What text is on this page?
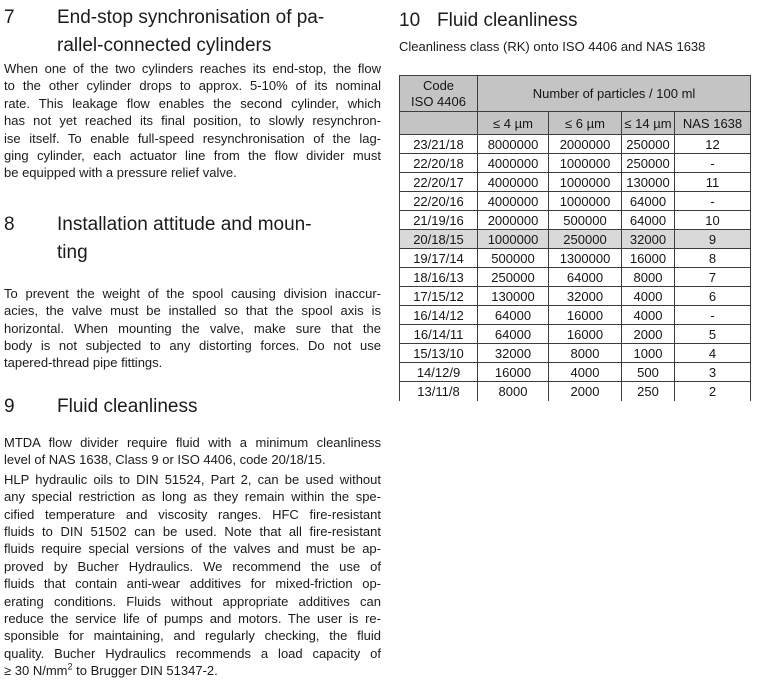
7	End-stop synchronisation of pa-
rallel-connected cylinders
When one of the two cylinders reaches its end-stop, the flow
to the other cylinder drops to approx. 5-10% of its nominal
rate. This leakage flow enables the second cylinder, which
has not yet reached its final position, to slowly resynchron-
ise itself. To enable full-speed resynchronisation of the lag-
ging cylinder, each actuator line from the flow divider must
be equipped with a pressure relief valve.
8	Installation attitude and moun-
ting
To prevent the weight of the spool causing division inaccur-
acies, the valve must be installed so that the spool axis is
horizontal. When mounting the valve, make sure that the
body is not subjected to any distorting forces. Do not use
tapered-thread pipe fittings.
9	Fluid cleanliness
MTDA flow divider require fluid with a minimum cleanliness
level of NAS 1638, Class 9 or ISO 4406, code 20/18/15.
HLP hydraulic oils to DIN 51524, Part 2, can be used without
any special restriction as long as they remain within the spe-
cified temperature and viscosity ranges. HFC fire-resistant
fluids to DIN 51502 can be used. Note that all fire-resistant
fluids require special versions of the valves and must be ap-
proved by Bucher Hydraulics. We recommend the use of
fluids that contain anti-wear additives for mixed-friction op-
erating conditions. Fluids without appropriate additives can
reduce the service life of pumps and motors. The user is re-
sponsible for maintaining, and regularly checking, the fluid
quality. Bucher Hydraulics recommends a load capacity of
≥ 30 $N/mm^2$ to Brugger DIN 51347-2.
10 Fluid cleanliness
Cleanliness class (RK) onto ISO 4406 and NAS 1638
Code
ISO 4406	Number of particles / 100 ml			
	≤ 4 µm	≤ 6 µm	≤ 14 µm	NAS 1638
23/21/18	8000000	2000000	250000	12
22/20/18	4000000	1000000	250000	-
22/20/17	4000000	1000000	130000	11
22/20/16	4000000	1000000	64000	-
21/19/16	2000000	500000	64000	10
20/18/15	1000000	250000	32000	9
19/17/14	500000	1300000	16000	8
18/16/13	250000	64000	8000	7
17/15/12	130000	32000	4000	6
16/14/12	64000	16000	4000	-
16/14/11	64000	16000	2000	5
15/13/10	32000	8000	1000	4
14/12/9	16000	4000	500	3
13/11/8	8000	2000	250	2
